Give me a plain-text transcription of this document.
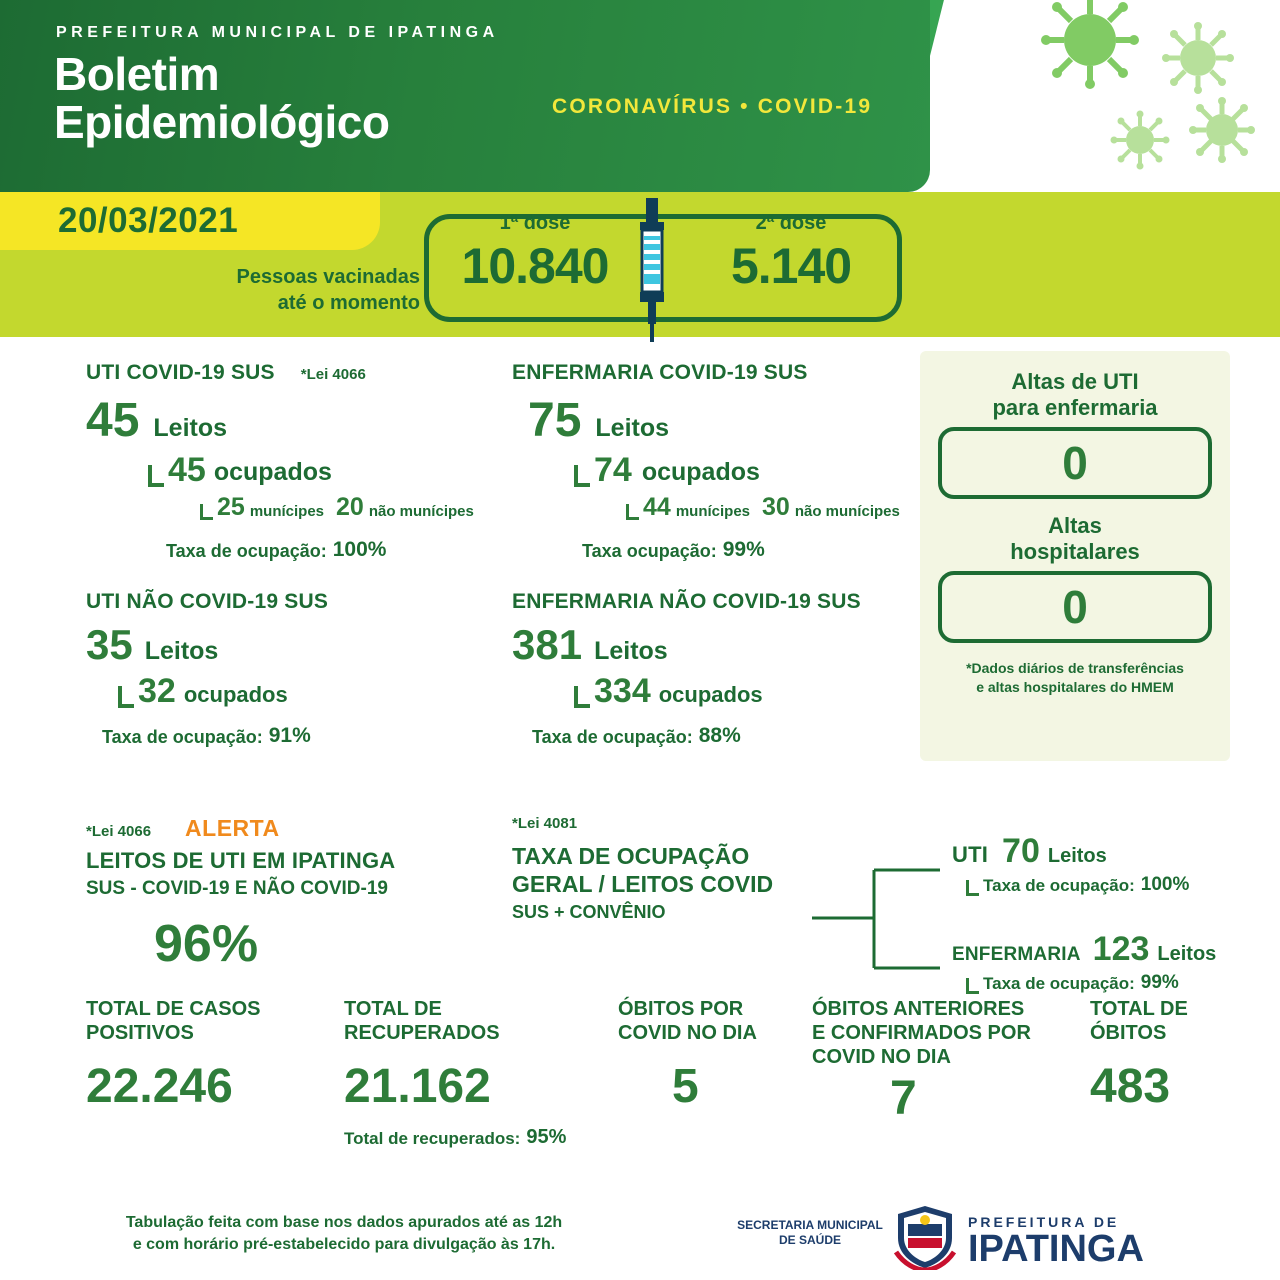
PREFEITURA MUNICIPAL DE IPATINGA
Boletim
Epidemiológico	CORONAVÍRUS • COVID-19
20/03/2021
Pessoas vacinadas
até o momento
1ª dose
10.840
2ª dose
5.140
UTI COVID-19 SUS *Lei 4066
45 Leitos
45 ocupados
25 munícipes 20 não munícipes
Taxa de ocupação: 100%
UTI NÃO COVID-19 SUS
35 Leitos
32 ocupados
Taxa de ocupação: 91%
ENFERMARIA COVID-19 SUS
75 Leitos
74 ocupados
44 munícipes 30 não munícipes
Taxa ocupação: 99%
ENFERMARIA NÃO COVID-19 SUS
381 Leitos
334 ocupados
Taxa de ocupação: 88%
Altas de UTI
para enfermaria
0
Altas
hospitalares
0
*Dados diários de transferências
e altas hospitalares do HMEM
*Lei 4066 ALERTA
LEITOS DE UTI EM IPATINGA
SUS - COVID-19 E NÃO COVID-19
96%
*Lei 4081
TAXA DE OCUPAÇÃO
GERAL / LEITOS COVID
SUS + CONVÊNIO
UTI 70 Leitos
Taxa de ocupação: 100%
ENFERMARIA 123 Leitos
Taxa de ocupação: 99%
TOTAL DE CASOS
POSITIVOS
22.246
TOTAL DE
RECUPERADOS
21.162
Total de recuperados: 95%
ÓBITOS POR
COVID NO DIA
5
ÓBITOS ANTERIORES
E CONFIRMADOS POR
COVID NO DIA
7
TOTAL DE
ÓBITOS
483
Tabulação feita com base nos dados apurados até as 12h
e com horário pré-estabelecido para divulgação às 17h.
SECRETARIA MUNICIPAL
DE SAÚDE
PREFEITURA DE
IPATINGA
